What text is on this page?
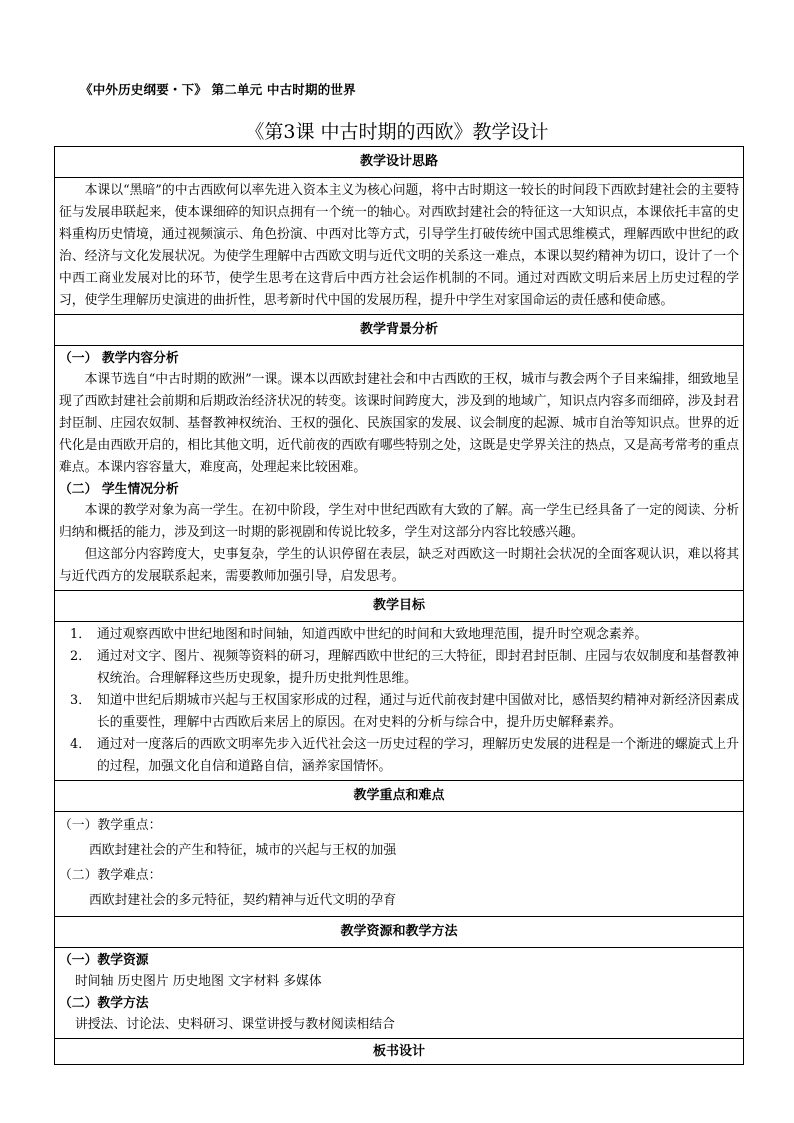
《中外历史纲要・下》 第二单元 中古时期的世界
《第3课 中古时期的西欧》教学设计
教学设计思路

本课以“黑暗”的中古西欧何以率先进入资本主义为核心问题，将中古时期这一较长的时间段下西欧封建社会的主要特征与发展串联起来，使本课细碎的知识点拥有一个统一的轴心。对西欧封建社会的特征这一大知识点，本课依托丰富的史料重构历史情境，通过视频演示、角色扮演、中西对比等方式，引导学生打破传统中国式思维模式，理解西欧中世纪的政治、经济与文化发展状况。为使学生理解中古西欧文明与近代文明的关系这一难点，本课以契约精神为切口，设计了一个中西工商业发展对比的环节，使学生思考在这背后中西方社会运作机制的不同。通过对西欧文明后来居上历史过程的学习，使学生理解历史演进的曲折性，思考新时代中国的发展历程，提升中学生对家国命运的责任感和使命感。

教学背景分析

（一） 教学内容分析

本课节选自“中古时期的欧洲”一课。课本以西欧封建社会和中古西欧的王权，城市与教会两个子目来编排，细致地呈现了西欧封建社会前期和后期政治经济状况的转变。该课时间跨度大，涉及到的地域广，知识点内容多而细碎，涉及封君封臣制、庄园农奴制、基督教神权统治、王权的强化、民族国家的发展、议会制度的起源、城市自治等知识点。世界的近代化是由西欧开启的，相比其他文明，近代前夜的西欧有哪些特别之处，这既是史学界关注的热点，又是高考常考的重点难点。本课内容容量大，难度高，处理起来比较困难。

（二） 学生情况分析

本课的教学对象为高一学生。在初中阶段，学生对中世纪西欧有大致的了解。高一学生已经具备了一定的阅读、分析归纳和概括的能力，涉及到这一时期的影视剧和传说比较多，学生对这部分内容比较感兴趣。

但这部分内容跨度大，史事复杂，学生的认识停留在表层，缺乏对西欧这一时期社会状况的全面客观认识，难以将其与近代西方的发展联系起来，需要教师加强引导，启发思考。

教学目标
1． 通过观察西欧中世纪地图和时间轴，知道西欧中世纪的时间和大致地理范围，提升时空观念素养。
2． 通过对文字、图片、视频等资料的研习，理解西欧中世纪的三大特征，即封君封臣制、庄园与农奴制度和基督教神权统治。合理解释这些历史现象，提升历史批判性思维。
3． 知道中世纪后期城市兴起与王权国家形成的过程，通过与近代前夜封建中国做对比，感悟契约精神对新经济因素成长的重要性，理解中古西欧后来居上的原因。在对史料的分析与综合中，提升历史解释素养。
4． 通过对一度落后的西欧文明率先步入近代社会这一历史过程的学习，理解历史发展的进程是一个渐进的螺旋式上升的过程，加强文化自信和道路自信，涵养家国情怀。
教学重点和难点

（一）教学重点：

西欧封建社会的产生和特征，城市的兴起与王权的加强

（二）教学难点：

西欧封建社会的多元特征，契约精神与近代文明的孕育

教学资源和教学方法

（一）教学资源

时间轴 历史图片 历史地图 文字材料 多媒体

（二）教学方法

讲授法、讨论法、史料研习、课堂讲授与教材阅读相结合

板书设计
